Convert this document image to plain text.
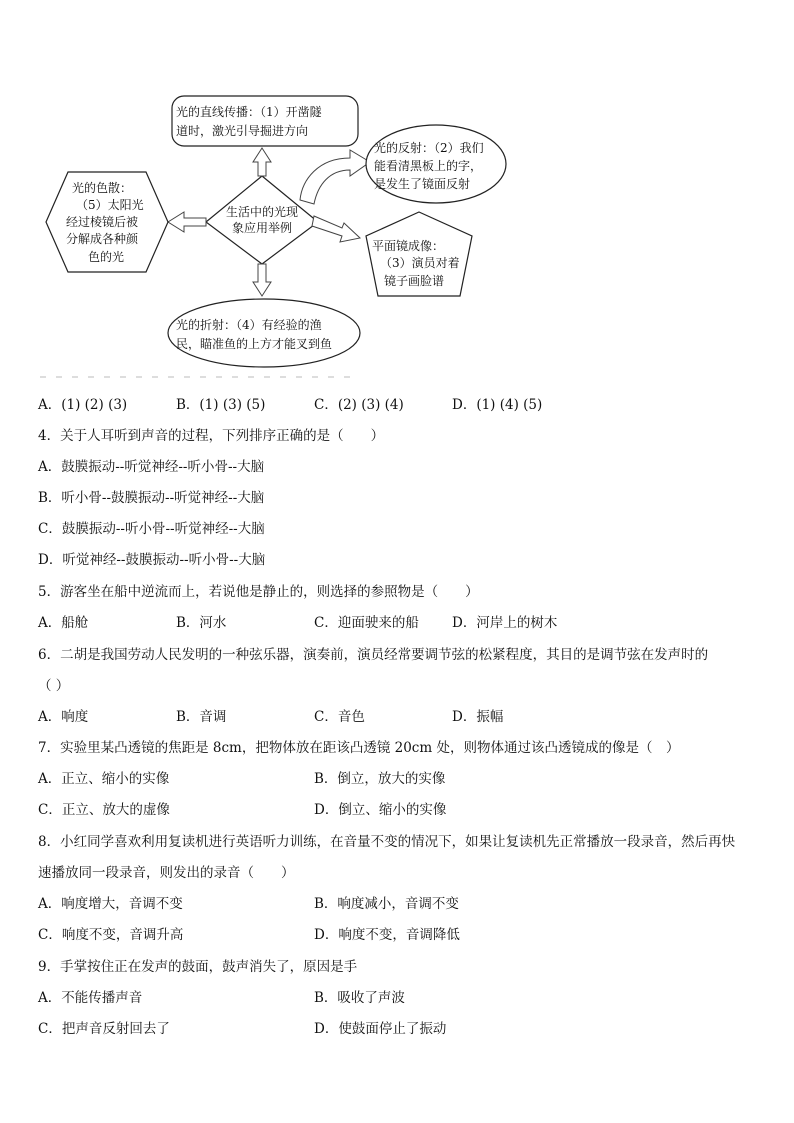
生活中的光现
象应用举例
光的直线传播：（1）开凿隧
道时，激光引导掘进方向
光的反射：（2）我们
能看清黑板上的字，
是发生了镜面反射
平面镜成像：
（3）演员对着
镜子画脸谱
光的色散：
（5）太阳光
经过棱镜后被
分解成各种颜
色的光
光的折射：（4）有经验的渔
民，瞄准鱼的上方才能叉到鱼
A．(1) (2) (3)	B．(1) (3) (5)	C．(2) (3) (4)	D．(1) (4) (5)
4．关于人耳听到声音的过程，下列排序正确的是（　　）
A．鼓膜振动--听觉神经--听小骨--大脑
B．听小骨--鼓膜振动--听觉神经--大脑
C．鼓膜振动--听小骨--听觉神经--大脑
D．听觉神经--鼓膜振动--听小骨--大脑
5．游客坐在船中逆流而上，若说他是静止的，则选择的参照物是（　　）
A．船舱	B．河水	C．迎面驶来的船 D．河岸上的树木
6．二胡是我国劳动人民发明的一种弦乐器，演奏前，演员经常要调节弦的松紧程度，其目的是调节弦在发声时的
（ ）
A．响度	B．音调	C．音色	D．振幅
7．实验里某凸透镜的焦距是 8cm，把物体放在距该凸透镜 20cm 处，则物体通过该凸透镜成的像是（　）
A．正立、缩小的实像	B．倒立，放大的实像
C．正立、放大的虚像	D．倒立、缩小的实像
8．小红同学喜欢利用复读机进行英语听力训练，在音量不变的情况下，如果让复读机先正常播放一段录音，然后再快
速播放同一段录音，则发出的录音（　　）
A．响度增大，音调不变	B．响度减小，音调不变
C．响度不变，音调升高	D．响度不变，音调降低
9．手掌按住正在发声的鼓面，鼓声消失了，原因是手
A．不能传播声音	B．吸收了声波
C．把声音反射回去了	D．使鼓面停止了振动
